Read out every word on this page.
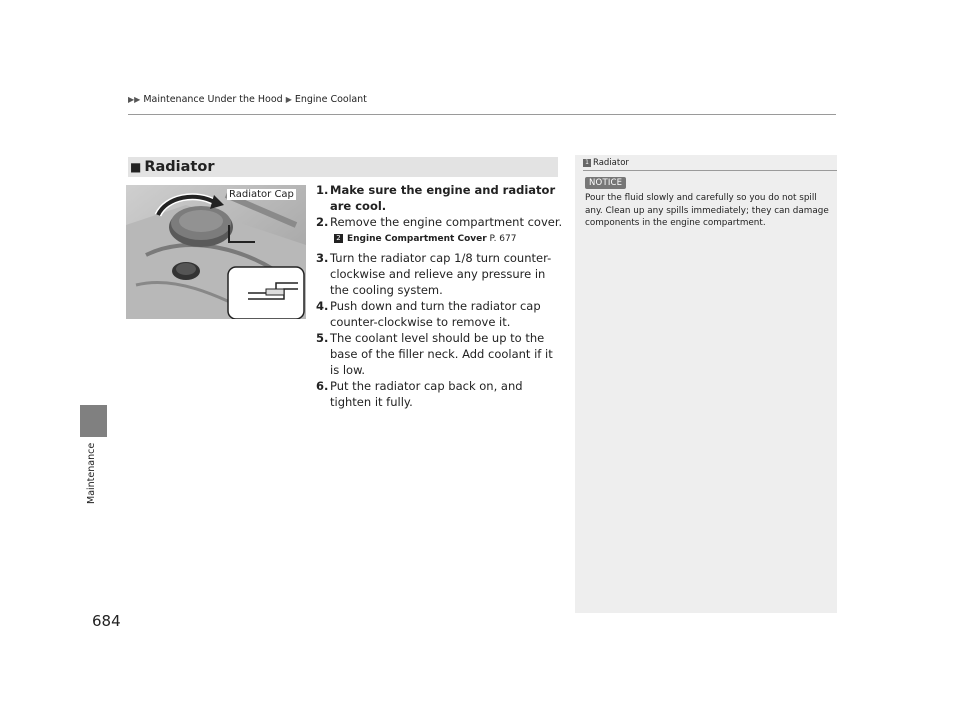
▶▶ Maintenance Under the Hood ▶ Engine Coolant
Maintenance
684
■ Radiator
Radiator Cap 1. Make sure the engine and radiator are cool.
2. Remove the engine compartment cover.
2 Engine Compartment Cover P. 677
3. Turn the radiator cap 1/8 turn counter-clockwise and relieve any pressure in the cooling system.
4. Push down and turn the radiator cap counter-clockwise to remove it.
5. The coolant level should be up to the base of the filler neck. Add coolant if it is low.
6. Put the radiator cap back on, and tighten it fully.
1 Radiator
NOTICE
Pour the fluid slowly and carefully so you do not spill any. Clean up any spills immediately; they can damage components in the engine compartment.
